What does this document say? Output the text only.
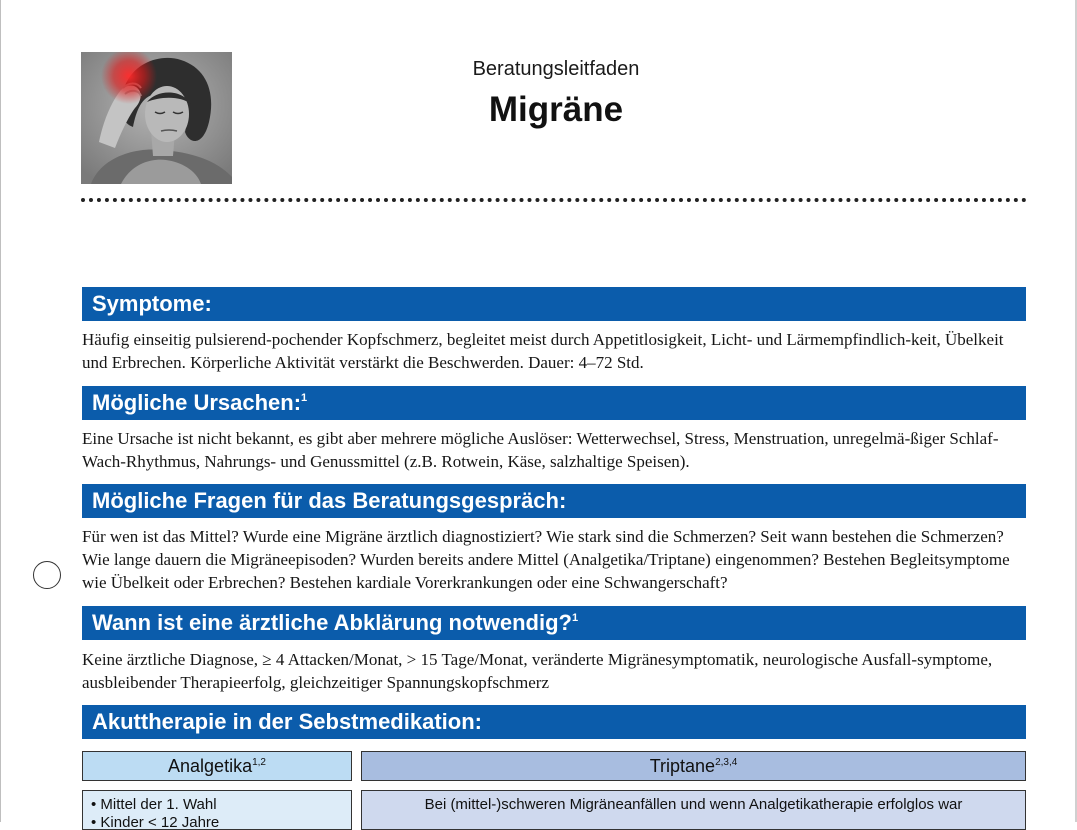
Beratungsleitfaden
Migräne
Symptome:
Häufig einseitig pulsierend-pochender Kopfschmerz, begleitet meist durch Appetitlosigkeit, Licht- und Lärmempfindlich-keit, Übelkeit und Erbrechen. Körperliche Aktivität verstärkt die Beschwerden. Dauer: 4–72 Std.
Mögliche Ursachen:$^1$
Eine Ursache ist nicht bekannt, es gibt aber mehrere mögliche Auslöser: Wetterwechsel, Stress, Menstruation, unregelmä-ßiger Schlaf-Wach-Rhythmus, Nahrungs- und Genussmittel (z.B. Rotwein, Käse, salzhaltige Speisen).
Mögliche Fragen für das Beratungsgespräch:
Für wen ist das Mittel? Wurde eine Migräne ärztlich diagnostiziert? Wie stark sind die Schmerzen? Seit wann bestehen die Schmerzen? Wie lange dauern die Migräneepisoden? Wurden bereits andere Mittel (Analgetika/Triptane) eingenommen? Bestehen Begleitsymptome wie Übelkeit oder Erbrechen? Bestehen kardiale Vorerkrankungen oder eine Schwangerschaft?
Wann ist eine ärztliche Abklärung notwendig?$^1$
Keine ärztliche Diagnose, ≥ 4 Attacken/Monat, > 15 Tage/Monat, veränderte Migränesymptomatik, neurologische Ausfall-symptome, ausbleibender Therapieerfolg, gleichzeitiger Spannungskopfschmerz
Akuttherapie in der Sebstmedikation:
Analgetika$^{1,2}$	Triptane$^{2,3,4}$
• Mittel der 1. Wahl
• Kinder < 12 Jahre
Bei (mittel-)schweren Migräneanfällen und wenn Analgetikatherapie erfolglos war
